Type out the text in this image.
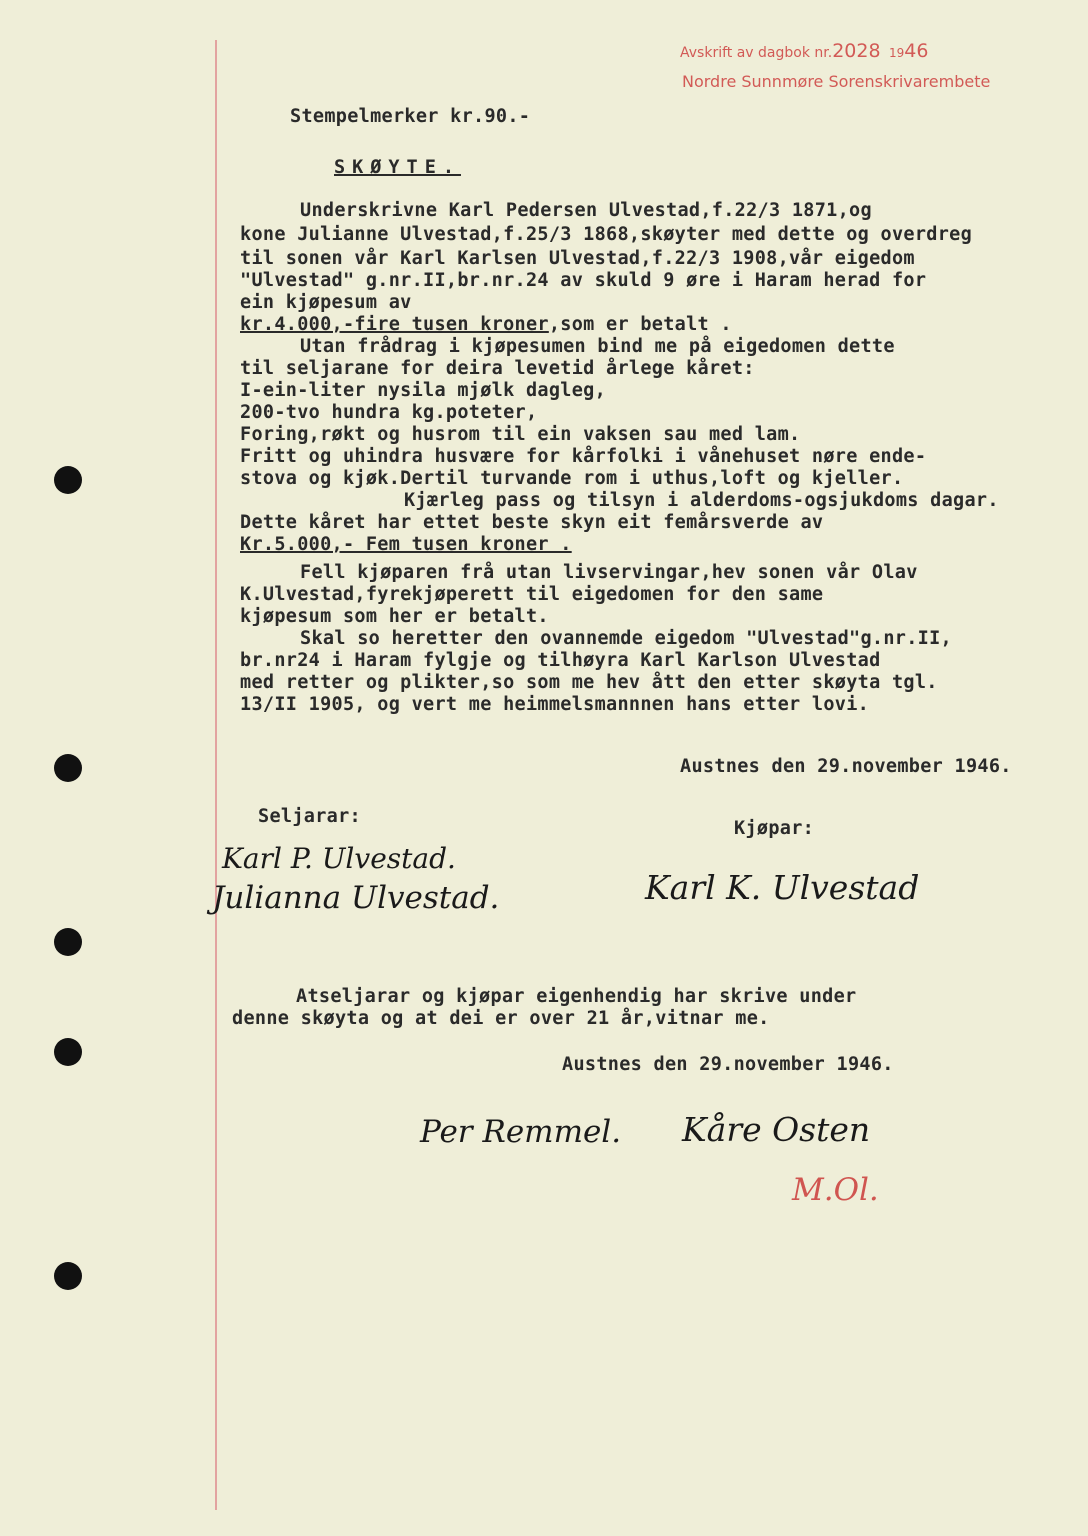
Avskrift av dagbok nr.2028 1946
Nordre Sunnmøre Sorenskrivarembete
Stempelmerker kr.90.-
SKØYTE.
Underskrivne Karl Pedersen Ulvestad,f.22/3 1871,og
kone Julianne Ulvestad,f.25/3 1868,skøyter med dette og overdreg
til sonen vår Karl Karlsen Ulvestad,f.22/3 1908,vår eigedom
"Ulvestad" g.nr.II,br.nr.24 av skuld 9 øre i Haram herad for
ein kjøpesum av
kr.4.000,-fire tusen kroner,som er betalt .
Utan frådrag i kjøpesumen bind me på eigedomen dette
til seljarane for deira levetid årlege kåret:
I-ein-liter nysila mjølk dagleg,
200-tvo hundra kg.poteter,
Foring,røkt og husrom til ein vaksen sau med lam.
Fritt og uhindra husvære for kårfolki i vånehuset nøre ende-
stova og kjøk.Dertil turvande rom i uthus,loft og kjeller.
Kjærleg pass og tilsyn i alderdoms-ogsjukdoms dagar.
Dette kåret har ettet beste skyn eit femårsverde av
Kr.5.000,- Fem tusen kroner .
Fell kjøparen frå utan livservingar,hev sonen vår Olav
K.Ulvestad,fyrekjøperett til eigedomen for den same
kjøpesum som her er betalt.
Skal so heretter den ovannemde eigedom "Ulvestad"g.nr.II,
br.nr24 i Haram fylgje og tilhøyra Karl Karlson Ulvestad
med retter og plikter,so som me hev ått den etter skøyta tgl.
13/II 1905, og vert me heimmelsmannnen hans etter lovi.
Austnes den 29.november 1946.
Seljarar:
Kjøpar:
Karl P. Ulvestad.
Julianna Ulvestad.	Karl K. Ulvestad
Atseljarar og kjøpar eigenhendig har skrive under
denne skøyta og at dei er over 21 år,vitnar me.
Austnes den 29.november 1946.
Per Remmel. Kåre Osten
M.Ol.
